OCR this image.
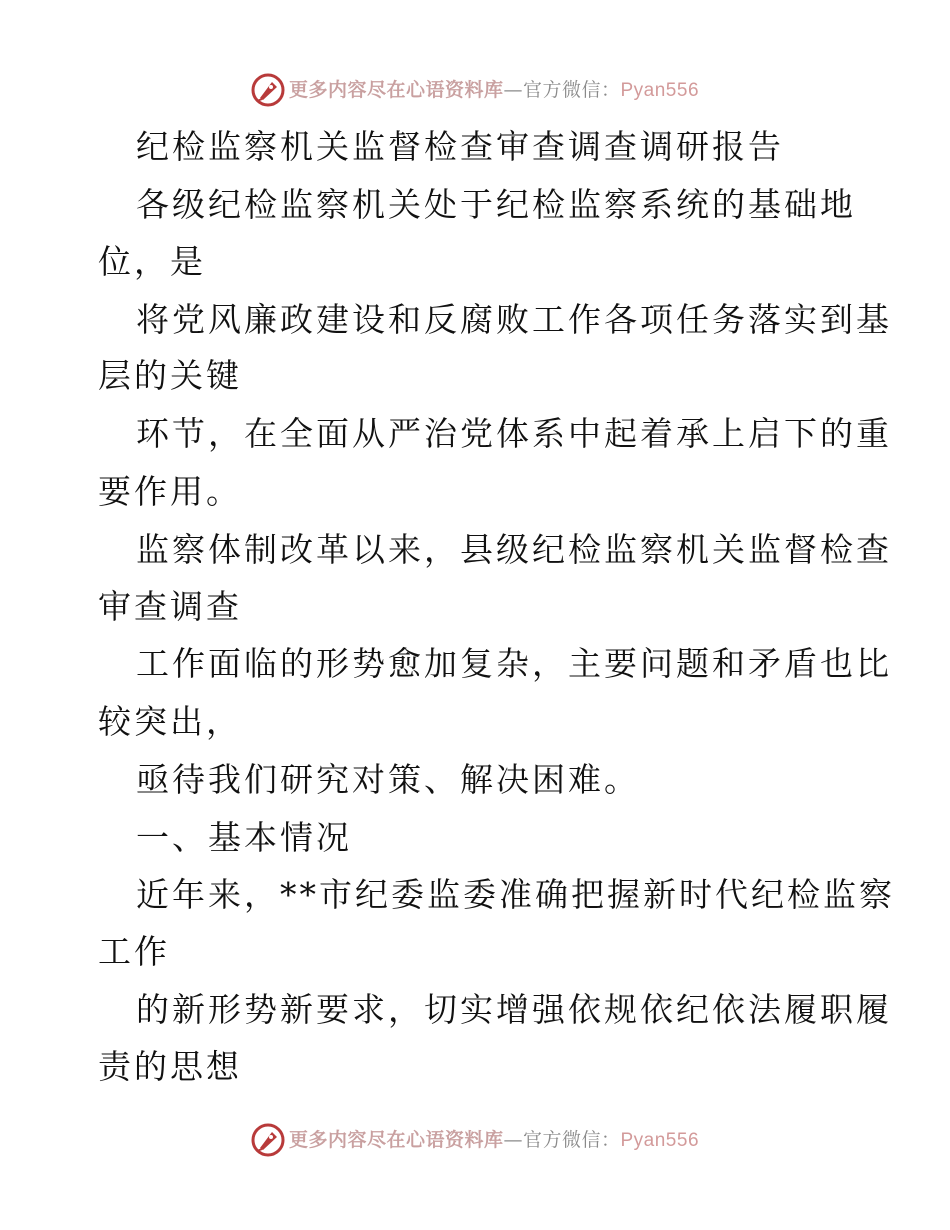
更多内容尽在心语资料库—官方微信：Pyan556
纪检监察机关监督检查审查调查调研报告
各级纪检监察机关处于纪检监察系统的基础地
位，是
将党风廉政建设和反腐败工作各项任务落实到基
层的关键
环节，在全面从严治党体系中起着承上启下的重
要作用。
监察体制改革以来，县级纪检监察机关监督检查
审查调查
工作面临的形势愈加复杂，主要问题和矛盾也比
较突出，
亟待我们研究对策、解决困难。
一、基本情况
近年来，**市纪委监委准确把握新时代纪检监察
工作
的新形势新要求，切实增强依规依纪依法履职履
责的思想
更多内容尽在心语资料库—官方微信：Pyan556
